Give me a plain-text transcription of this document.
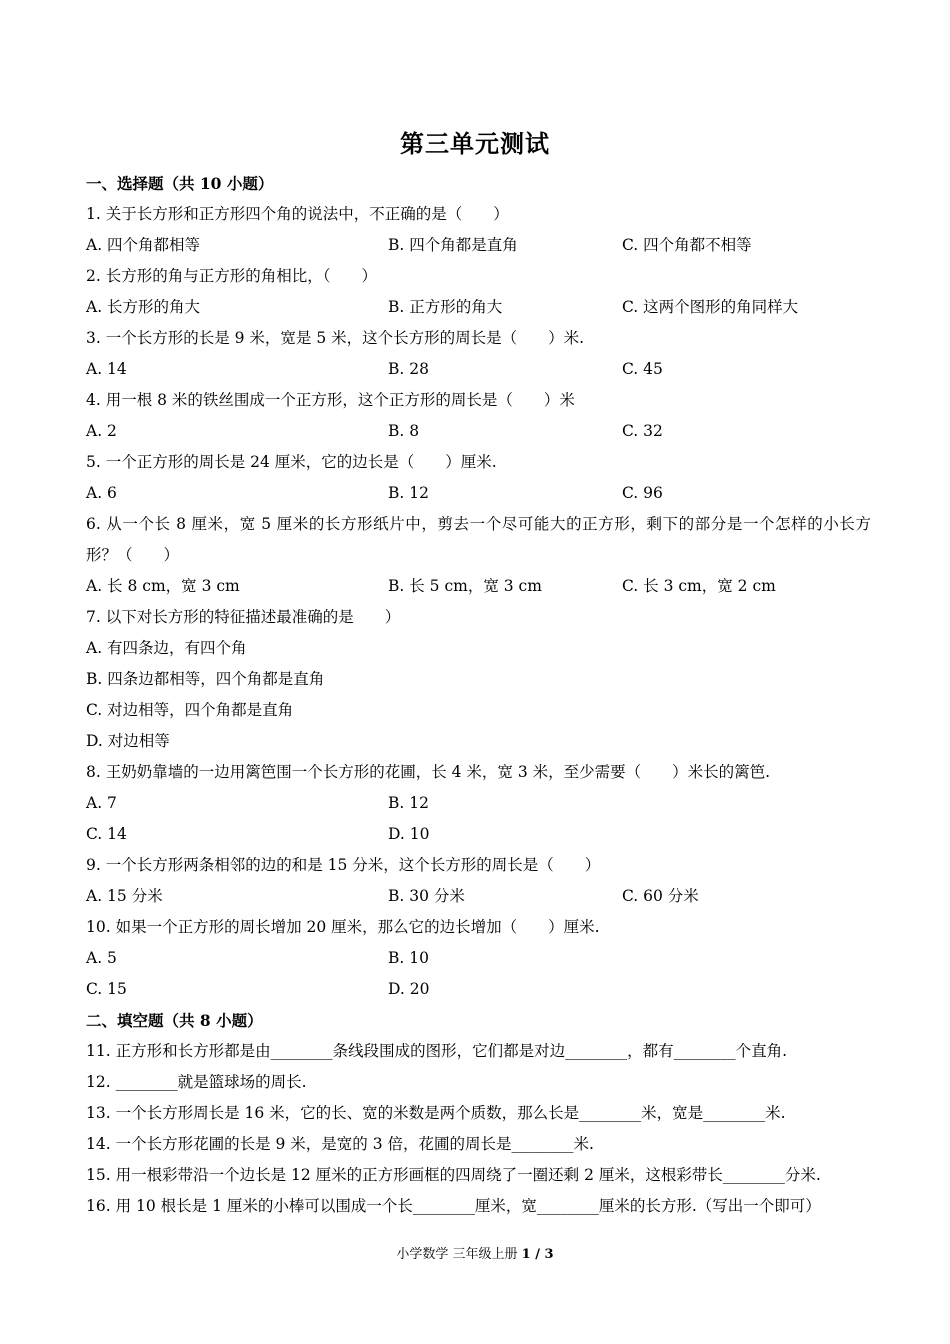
第三单元测试
一、选择题（共 10 小题）
1. 关于长方形和正方形四个角的说法中，不正确的是（　　）
A. 四个角都相等	B. 四个角都是直角	C. 四个角都不相等
2. 长方形的角与正方形的角相比，（　　）
A. 长方形的角大	B. 正方形的角大	C. 这两个图形的角同样大
3. 一个长方形的长是 9 米，宽是 5 米，这个长方形的周长是（　　）米.
A. 14	B. 28	C. 45
4. 用一根 8 米的铁丝围成一个正方形，这个正方形的周长是（　　）米
A. 2	B. 8	C. 32
5. 一个正方形的周长是 24 厘米，它的边长是（　　）厘米.
A. 6	B. 12	C. 96
6. 从一个长 8 厘米，宽 5 厘米的长方形纸片中，剪去一个尽可能大的正方形，剩下的部分是一个怎样的小长方形？（　　）
A. 长 8 cm，宽 3 cm	B. 长 5 cm，宽 3 cm	C. 长 3 cm，宽 2 cm
7. 以下对长方形的特征描述最准确的是　　）
A. 有四条边，有四个角
B. 四条边都相等，四个角都是直角
C. 对边相等，四个角都是直角
D. 对边相等
8. 王奶奶靠墙的一边用篱笆围一个长方形的花圃，长 4 米，宽 3 米，至少需要（　　）米长的篱笆.
A. 7	B. 12
C. 14	D. 10
9. 一个长方形两条相邻的边的和是 15 分米，这个长方形的周长是（　　）
A. 15 分米	B. 30 分米	C. 60 分米
10. 如果一个正方形的周长增加 20 厘米，那么它的边长增加（　　）厘米.
A. 5	B. 10
C. 15	D. 20
二、填空题（共 8 小题）
11. 正方形和长方形都是由________条线段围成的图形，它们都是对边________，都有________个直角.
12. ________就是篮球场的周长.
13. 一个长方形周长是 16 米，它的长、宽的米数是两个质数，那么长是________米，宽是________米.
14. 一个长方形花圃的长是 9 米，是宽的 3 倍，花圃的周长是________米.
15. 用一根彩带沿一个边长是 12 厘米的正方形画框的四周绕了一圈还剩 2 厘米，这根彩带长________分米.
16. 用 10 根长是 1 厘米的小棒可以围成一个长________厘米，宽________厘米的长方形.（写出一个即可）
小学数学 三年级上册 1 / 3
